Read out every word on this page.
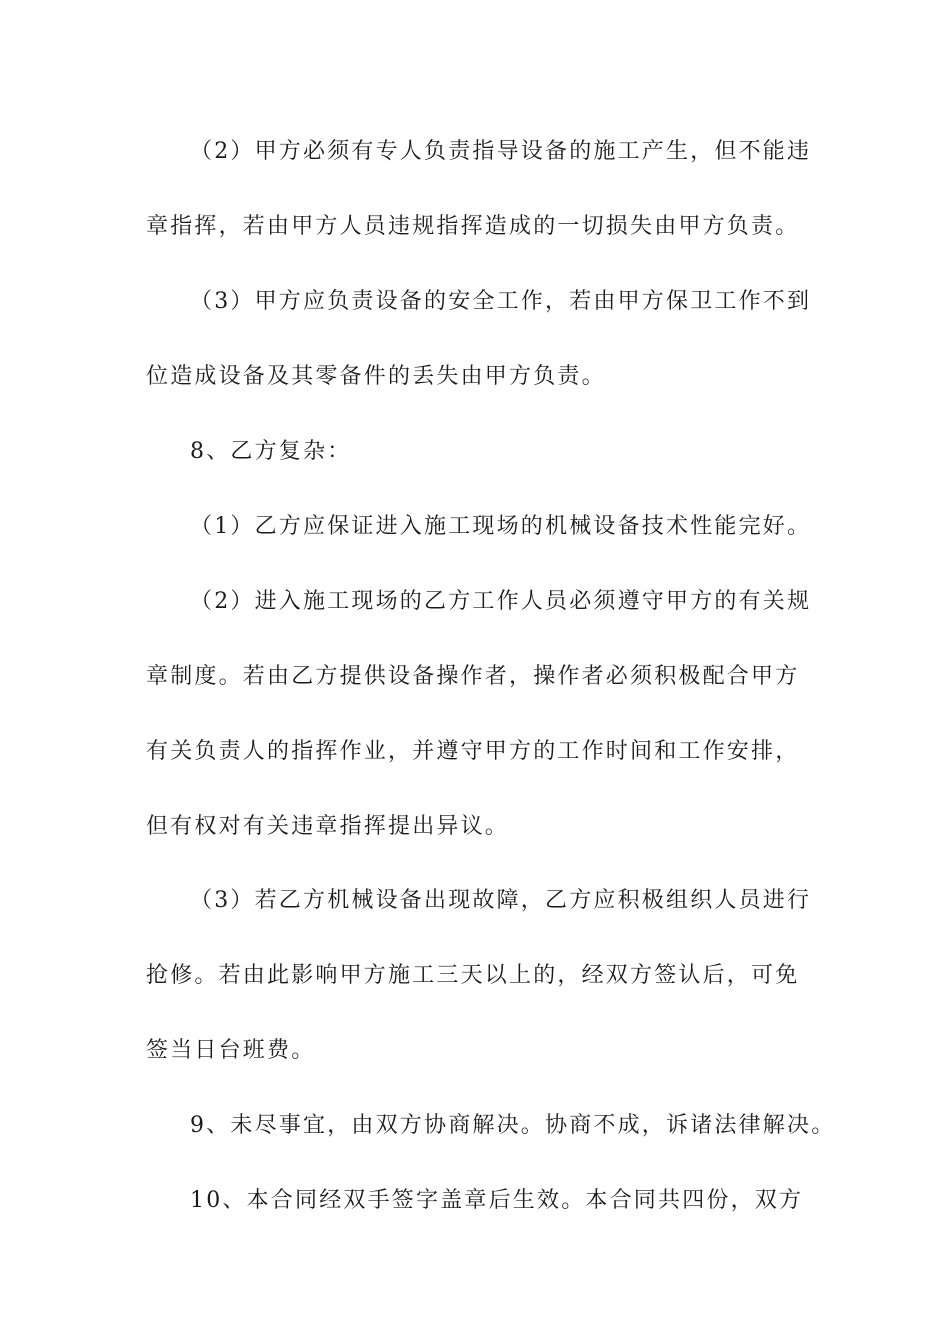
（2）甲方必须有专人负责指导设备的施工产生，但不能违
章指挥，若由甲方人员违规指挥造成的一切损失由甲方负责。
（3）甲方应负责设备的安全工作，若由甲方保卫工作不到
位造成设备及其零备件的丢失由甲方负责。
8、乙方复杂：
（1）乙方应保证进入施工现场的机械设备技术性能完好。
（2）进入施工现场的乙方工作人员必须遵守甲方的有关规
章制度。若由乙方提供设备操作者，操作者必须积极配合甲方
有关负责人的指挥作业，并遵守甲方的工作时间和工作安排，
但有权对有关违章指挥提出异议。
（3）若乙方机械设备出现故障，乙方应积极组织人员进行
抢修。若由此影响甲方施工三天以上的，经双方签认后，可免
签当日台班费。
9、未尽事宜，由双方协商解决。协商不成，诉诸法律解决。
10、本合同经双手签字盖章后生效。本合同共四份，双方
